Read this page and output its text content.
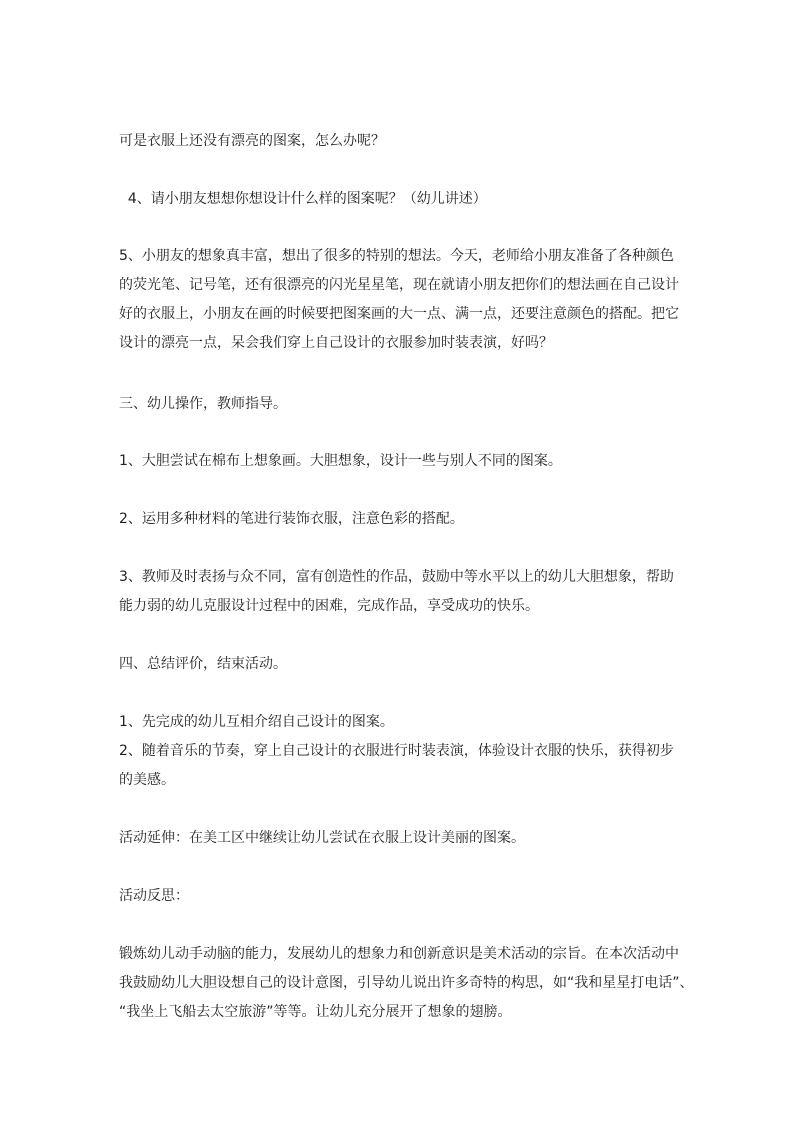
可是衣服上还没有漂亮的图案，怎么办呢？

4、请小朋友想想你想设计什么样的图案呢？（幼儿讲述）

5、小朋友的想象真丰富，想出了很多的特别的想法。今天，老师给小朋友准备了各种颜色

的荧光笔、记号笔，还有很漂亮的闪光星星笔，现在就请小朋友把你们的想法画在自己设计

好的衣服上，小朋友在画的时候要把图案画的大一点、满一点，还要注意颜色的搭配。把它

设计的漂亮一点，呆会我们穿上自己设计的衣服参加时装表演，好吗？

三、幼儿操作，教师指导。

1、大胆尝试在棉布上想象画。大胆想象，设计一些与别人不同的图案。

2、运用多种材料的笔进行装饰衣服，注意色彩的搭配。

3、教师及时表扬与众不同，富有创造性的作品，鼓励中等水平以上的幼儿大胆想象，帮助

能力弱的幼儿克服设计过程中的困难，完成作品，享受成功的快乐。

四、总结评价，结束活动。

1、先完成的幼儿互相介绍自己设计的图案。

2、随着音乐的节奏，穿上自己设计的衣服进行时装表演，体验设计衣服的快乐，获得初步

的美感。

活动延伸：在美工区中继续让幼儿尝试在衣服上设计美丽的图案。

活动反思：

锻炼幼儿动手动脑的能力，发展幼儿的想象力和创新意识是美术活动的宗旨。在本次活动中

我鼓励幼儿大胆设想自己的设计意图，引导幼儿说出许多奇特的构思，如“我和星星打电话”、

“我坐上飞船去太空旅游”等等。让幼儿充分展开了想象的翅膀。
